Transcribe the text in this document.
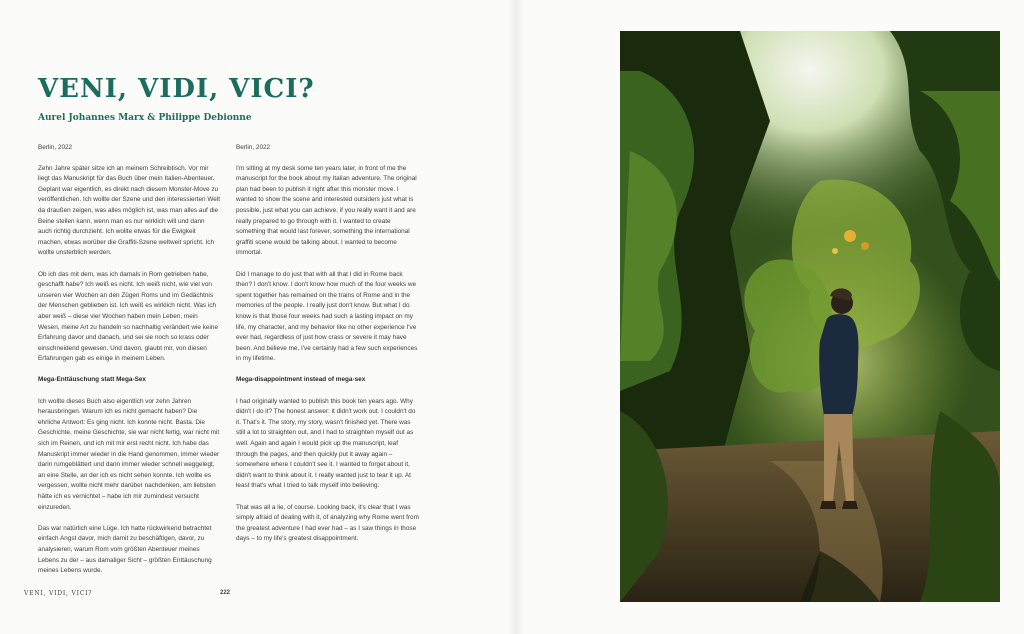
VENI, VIDI, VICI?

Aurel Johannes Marx & Philippe Debionne

Berlin, 2022

Zehn Jahre später sitze ich an meinem Schreibtisch. Vor mir liegt das Manuskript für das Buch über mein Italien-Abenteuer. Geplant war eigentlich, es direkt nach diesem Monster-Move zu veröffentlichen. Ich wollte der Szene und den interessierten Welt da draußen zeigen, was alles möglich ist, was man alles auf die Beine stellen kann, wenn man es nur wirklich will und dann auch richtig durchzieht. Ich wollte etwas für die Ewigkeit machen, etwas worüber die Graffiti-Szene weltweit spricht. Ich wollte unsterblich werden.

Ob ich das mit dem, was ich damals in Rom getrieben habe, geschafft habe? Ich weiß es nicht. Ich weiß nicht, wie viel von unseren vier Wochen an den Zügen Roms und im Gedächtnis der Menschen geblieben ist. Ich weiß es wirklich nicht. Was ich aber weiß – diese vier Wochen haben mein Leben, mein Wesen, meine Art zu handeln so nachhaltig verändert wie keine Erfahrung davor und danach, und sei sie noch so krass oder einschneidend gewesen. Und davon, glaubt mir, von diesen Erfahrungen gab es einige in meinem Leben.

Mega-Enttäuschung statt Mega-Sex

Ich wollte dieses Buch also eigentlich vor zehn Jahren herausbringen. Warum ich es nicht gemacht haben? Die ehrliche Antwort: Es ging nicht. Ich konnte nicht. Basta. Die Geschichte, meine Geschichte, sie war nicht fertig, war nicht mit sich im Reinen, und ich mit mir erst recht nicht. Ich habe das Manuskript immer wieder in die Hand genommen, immer wieder darin rumgeblättert und dann immer wieder schnell weggelegt, an eine Stelle, an der ich es nicht sehen konnte. Ich wollte es vergessen, wollte nicht mehr darüber nachdenken, am liebsten hätte ich es vernichtet – habe ich mir zumindest versucht einzureden.

Das war natürlich eine Lüge. Ich hatte rückwirkend betrachtet einfach Angst davor, mich damit zu beschäftigen, davor, zu analysieren, warum Rom vom größten Abenteuer meines Lebens zu der – aus damaliger Sicht – größten Enttäuschung meines Lebens wurde.

Berlin, 2022

I'm sitting at my desk some ten years later, in front of me the manuscript for the book about my Italian adventure. The original plan had been to publish it right after this monster move. I wanted to show the scene and interested outsiders just what is possible, just what you can achieve, if you really want it and are really prepared to go through with it. I wanted to create something that would last forever, something the international graffiti scene would be talking about. I wanted to become immortal.

Did I manage to do just that with all that I did in Rome back then? I don't know. I don't know how much of the four weeks we spent together has remained on the trains of Rome and in the memories of the people. I really just don't know. But what I do know is that those four weeks had such a lasting impact on my life, my character, and my behavior like no other experience I've ever had, regardless of just how crass or severe it may have been. And believe me, I've certainly had a few such experiences in my lifetime.

Mega-disappointment instead of mega-sex

I had originally wanted to publish this book ten years ago. Why didn't I do it? The honest answer: it didn't work out. I couldn't do it. That's it. The story, my story, wasn't finished yet. There was still a lot to straighten out, and I had to straighten myself out as well. Again and again I would pick up the manuscript, leaf through the pages, and then quickly put it away again – somewhere where I couldn't see it. I wanted to forget about it, didn't want to think about it. I really wanted just to tear it up. At least that's what I tried to talk myself into believing.

That was all a lie, of course. Looking back, it's clear that I was simply afraid of dealing with it, of analyzing why Rome went from the greatest adventure I had ever had – as I saw things in those days – to my life's greatest disappointment.

VENI, VIDI, VICI?	222
